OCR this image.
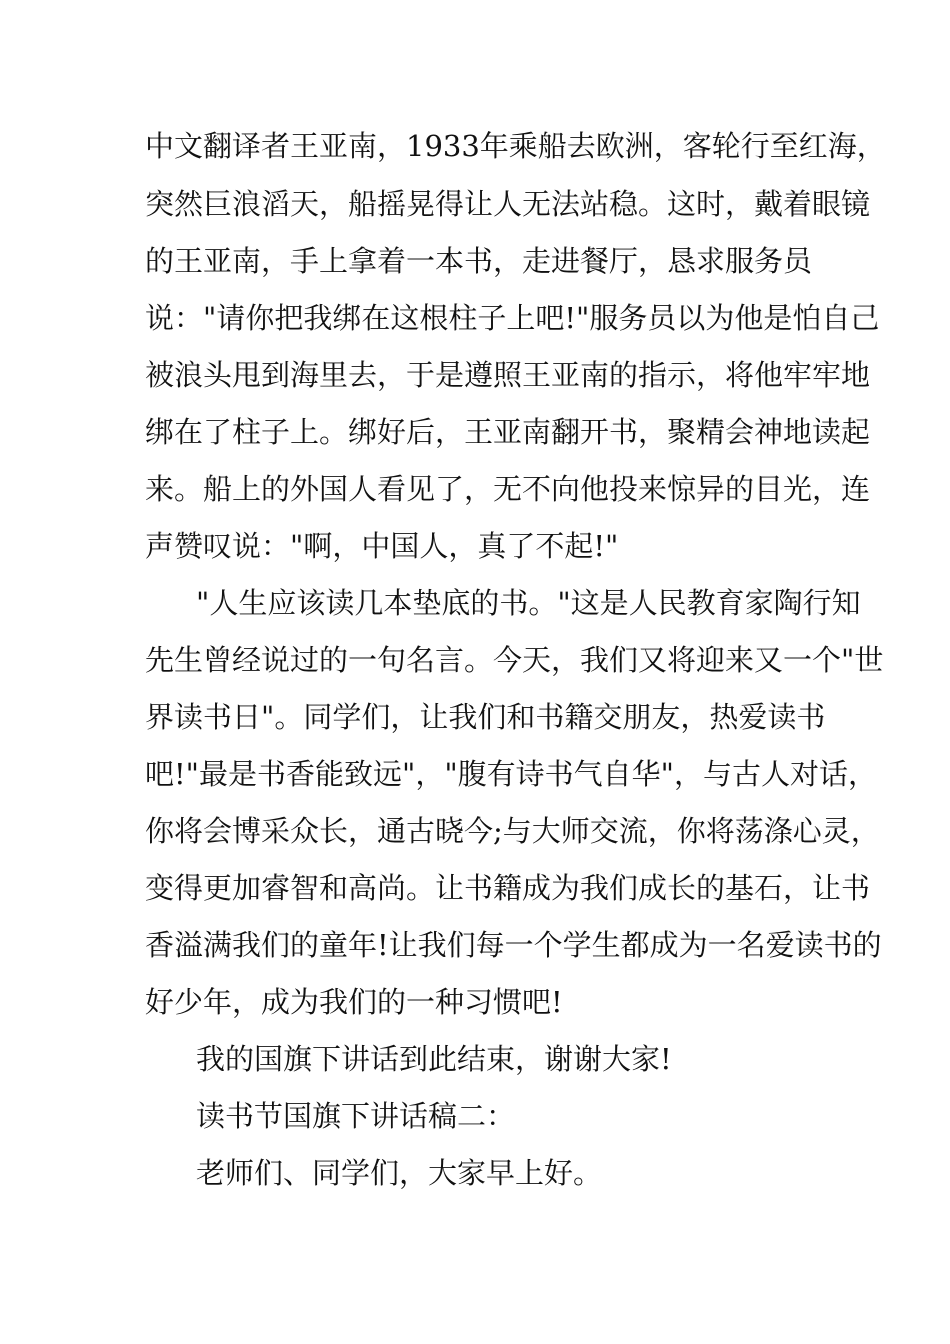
中文翻译者王亚南，1933年乘船去欧洲，客轮行至红海，
突然巨浪滔天，船摇晃得让人无法站稳。这时，戴着眼镜
的王亚南，手上拿着一本书，走进餐厅，恳求服务员
说："请你把我绑在这根柱子上吧!"服务员以为他是怕自己
被浪头甩到海里去，于是遵照王亚南的指示，将他牢牢地
绑在了柱子上。绑好后，王亚南翻开书，聚精会神地读起
来。船上的外国人看见了，无不向他投来惊异的目光，连
声赞叹说："啊，中国人，真了不起!"
"人生应该读几本垫底的书。"这是人民教育家陶行知
先生曾经说过的一句名言。今天，我们又将迎来又一个"世
界读书日"。同学们，让我们和书籍交朋友，热爱读书
吧!"最是书香能致远"，"腹有诗书气自华"，与古人对话，
你将会博采众长，通古晓今;与大师交流，你将荡涤心灵，
变得更加睿智和高尚。让书籍成为我们成长的基石，让书
香溢满我们的童年!让我们每一个学生都成为一名爱读书的
好少年，成为我们的一种习惯吧!
我的国旗下讲话到此结束，谢谢大家!
读书节国旗下讲话稿二：
老师们、同学们，大家早上好。
